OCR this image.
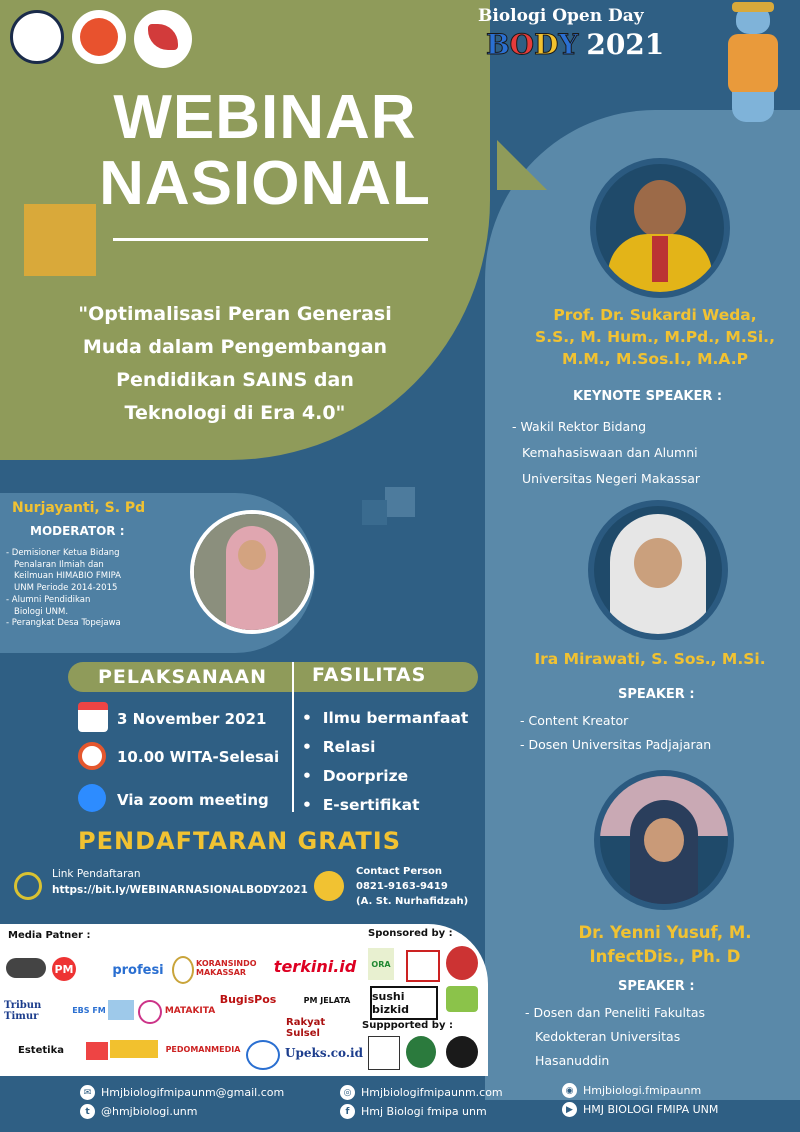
Biologi Open Day
B O D Y 2021
WEBINAR
NASIONAL
"Optimalisasi Peran Generasi
Muda dalam Pengembangan
Pendidikan SAINS dan
Teknologi di Era 4.0"
Prof. Dr. Sukardi Weda,
S.S., M. Hum., M.Pd., M.Si.,
M.M., M.Sos.I., M.A.P
KEYNOTE SPEAKER :
- Wakil Rektor Bidang
Kemahasiswaan dan Alumni
Universitas Negeri Makassar
Ira Mirawati, S. Sos., M.Si.
SPEAKER :
- Content Kreator
- Dosen Universitas Padjajaran
Dr. Yenni Yusuf, M.
InfectDis., Ph. D
SPEAKER :
- Dosen dan Peneliti Fakultas
Kedokteran Universitas
Hasanuddin
Nurjayanti, S. Pd
MODERATOR :
- Demisioner Ketua Bidang
Penalaran Ilmiah dan
Keilmuan HIMABIO FMIPA
UNM Periode 2014-2015
- Alumni Pendidikan
Biologi UNM.
- Perangkat Desa Topejawa
PELAKSANAAN FASILITAS
3 November 2021
10.00 WITA-Selesai
Via zoom meeting
•  Ilmu bermanfaat
•  Relasi
•  Doorprize
•  E-sertifikat
PENDAFTARAN GRATIS
Link Pendaftaran
https://bit.ly/WEBINARNASIONALBODY2021
Contact Person
0821-9163-9419
(A. St. Nurhafidzah)
Media Patner :	Sponsored by :
Suppported by :
PM	profesi	KORANSINDO MAKASSAR	terkini.id
Tribun Timur
EBS FM	MATAKITA
BugisPos	PM JELATA
Rakyat Sulsel
Estetika	PEDOMANMEDIA	Upeks.co.id
ORA
sushi bizkid
✉ Hmjbiologifmipaunm@gmail.com
t	@hmjbiologi.unm
◎ Hmjbiologifmipaunm.com
f	Hmj Biologi fmipa unm
◉ Hmjbiologi.fmipaunm
▶ HMJ BIOLOGI FMIPA UNM
